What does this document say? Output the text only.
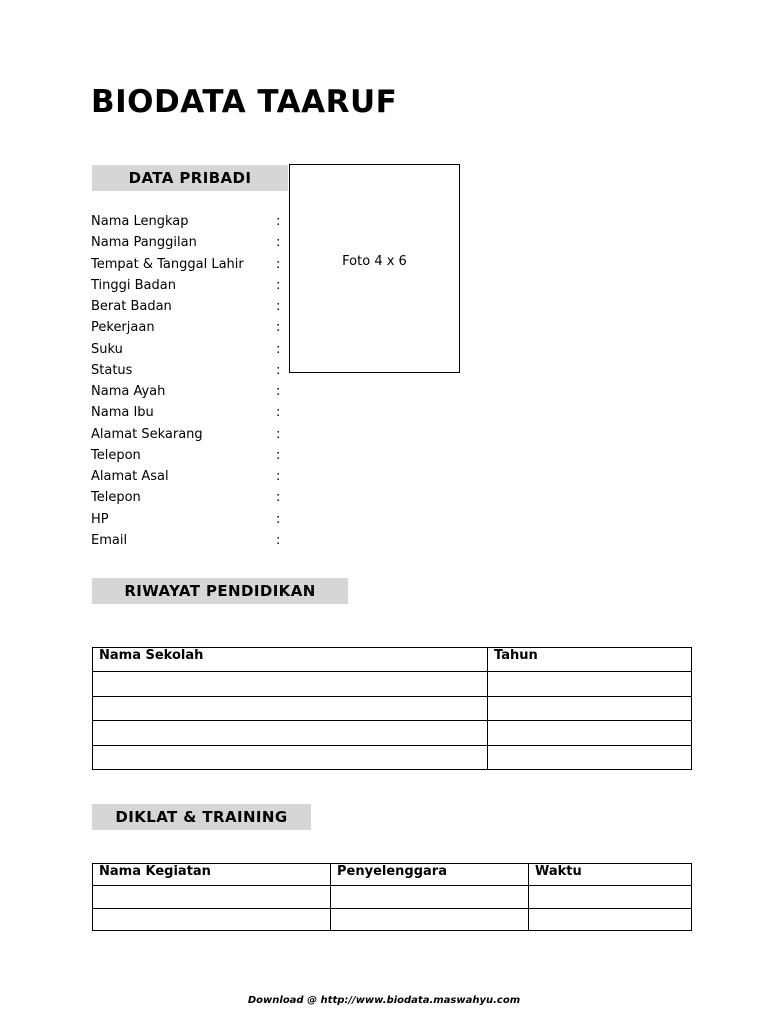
BIODATA TAARUF
DATA PRIBADI
Foto 4 x 6
Nama Lengkap	:
Nama Panggilan	:
Tempat & Tanggal Lahir :
Tinggi Badan	:
Berat Badan	:
Pekerjaan	:
Suku	:
Status	:
Nama Ayah	:
Nama Ibu	:
Alamat Sekarang	:
Telepon	:
Alamat Asal	:
Telepon	:
HP	:
Email	:
RIWAYAT PENDIDIKAN
Nama Sekolah	Tahun

DIKLAT & TRAINING
Nama Kegiatan	Penyelenggara	Waktu

Download @ http://www.biodata.maswahyu.com
